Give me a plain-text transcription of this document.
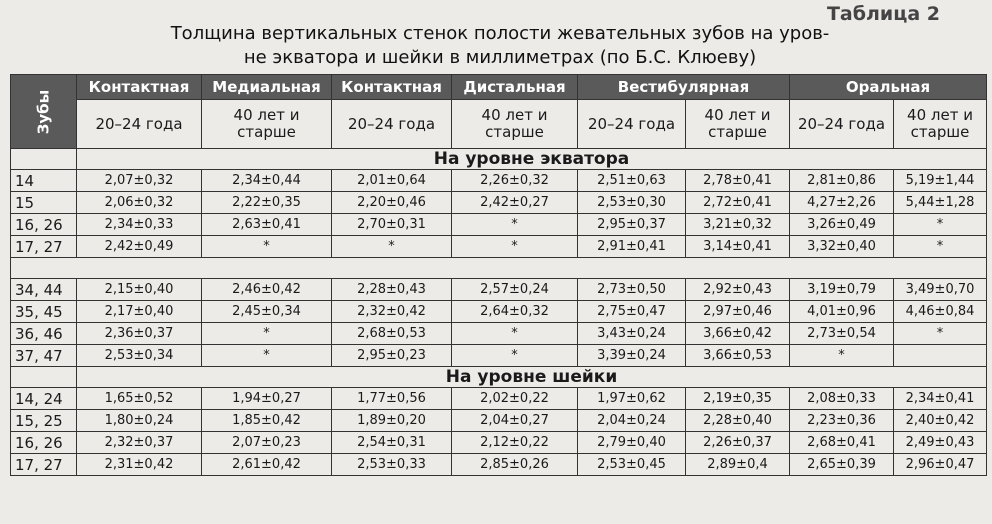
Таблица 2
Толщина вертикальных стенок полости жевательных зубов на уров-
не экватора и шейки в миллиметрах (по Б.С. Клюеву)
Зубы	Контактная	Медиальная	Контактная	Дистальная	Вестибулярная		Оральная	
	20–24 года	40 лет и старше	20–24 года	40 лет и старше	20–24 года	40 лет и старше	20–24 года	40 лет и старше
	На уровне экватора							
14	2,07±0,32	2,34±0,44	2,01±0,64	2,26±0,32	2,51±0,63	2,78±0,41	2,81±0,86	5,19±1,44
15	2,06±0,32	2,22±0,35	2,20±0,46	2,42±0,27	2,53±0,30	2,72±0,41	4,27±2,26	5,44±1,28
16, 26	2,34±0,33	2,63±0,41	2,70±0,31	*	2,95±0,37	3,21±0,32	3,26±0,49	*
17, 27	2,42±0,49	*	*	*	2,91±0,41	3,14±0,41	3,32±0,40	*

34, 44	2,15±0,40	2,46±0,42	2,28±0,43	2,57±0,24	2,73±0,50	2,92±0,43	3,19±0,79	3,49±0,70
35, 45	2,17±0,40	2,45±0,34	2,32±0,42	2,64±0,32	2,75±0,47	2,97±0,46	4,01±0,96	4,46±0,84
36, 46	2,36±0,37	*	2,68±0,53	*	3,43±0,24	3,66±0,42	2,73±0,54	*
37, 47	2,53±0,34	*	2,95±0,23	*	3,39±0,24	3,66±0,53	*	
	На уровне шейки							
14, 24	1,65±0,52	1,94±0,27	1,77±0,56	2,02±0,22	1,97±0,62	2,19±0,35	2,08±0,33	2,34±0,41
15, 25	1,80±0,24	1,85±0,42	1,89±0,20	2,04±0,27	2,04±0,24	2,28±0,40	2,23±0,36	2,40±0,42
16, 26	2,32±0,37	2,07±0,23	2,54±0,31	2,12±0,22	2,79±0,40	2,26±0,37	2,68±0,41	2,49±0,43
17, 27	2,31±0,42	2,61±0,42	2,53±0,33	2,85±0,26	2,53±0,45	2,89±0,4	2,65±0,39	2,96±0,47
